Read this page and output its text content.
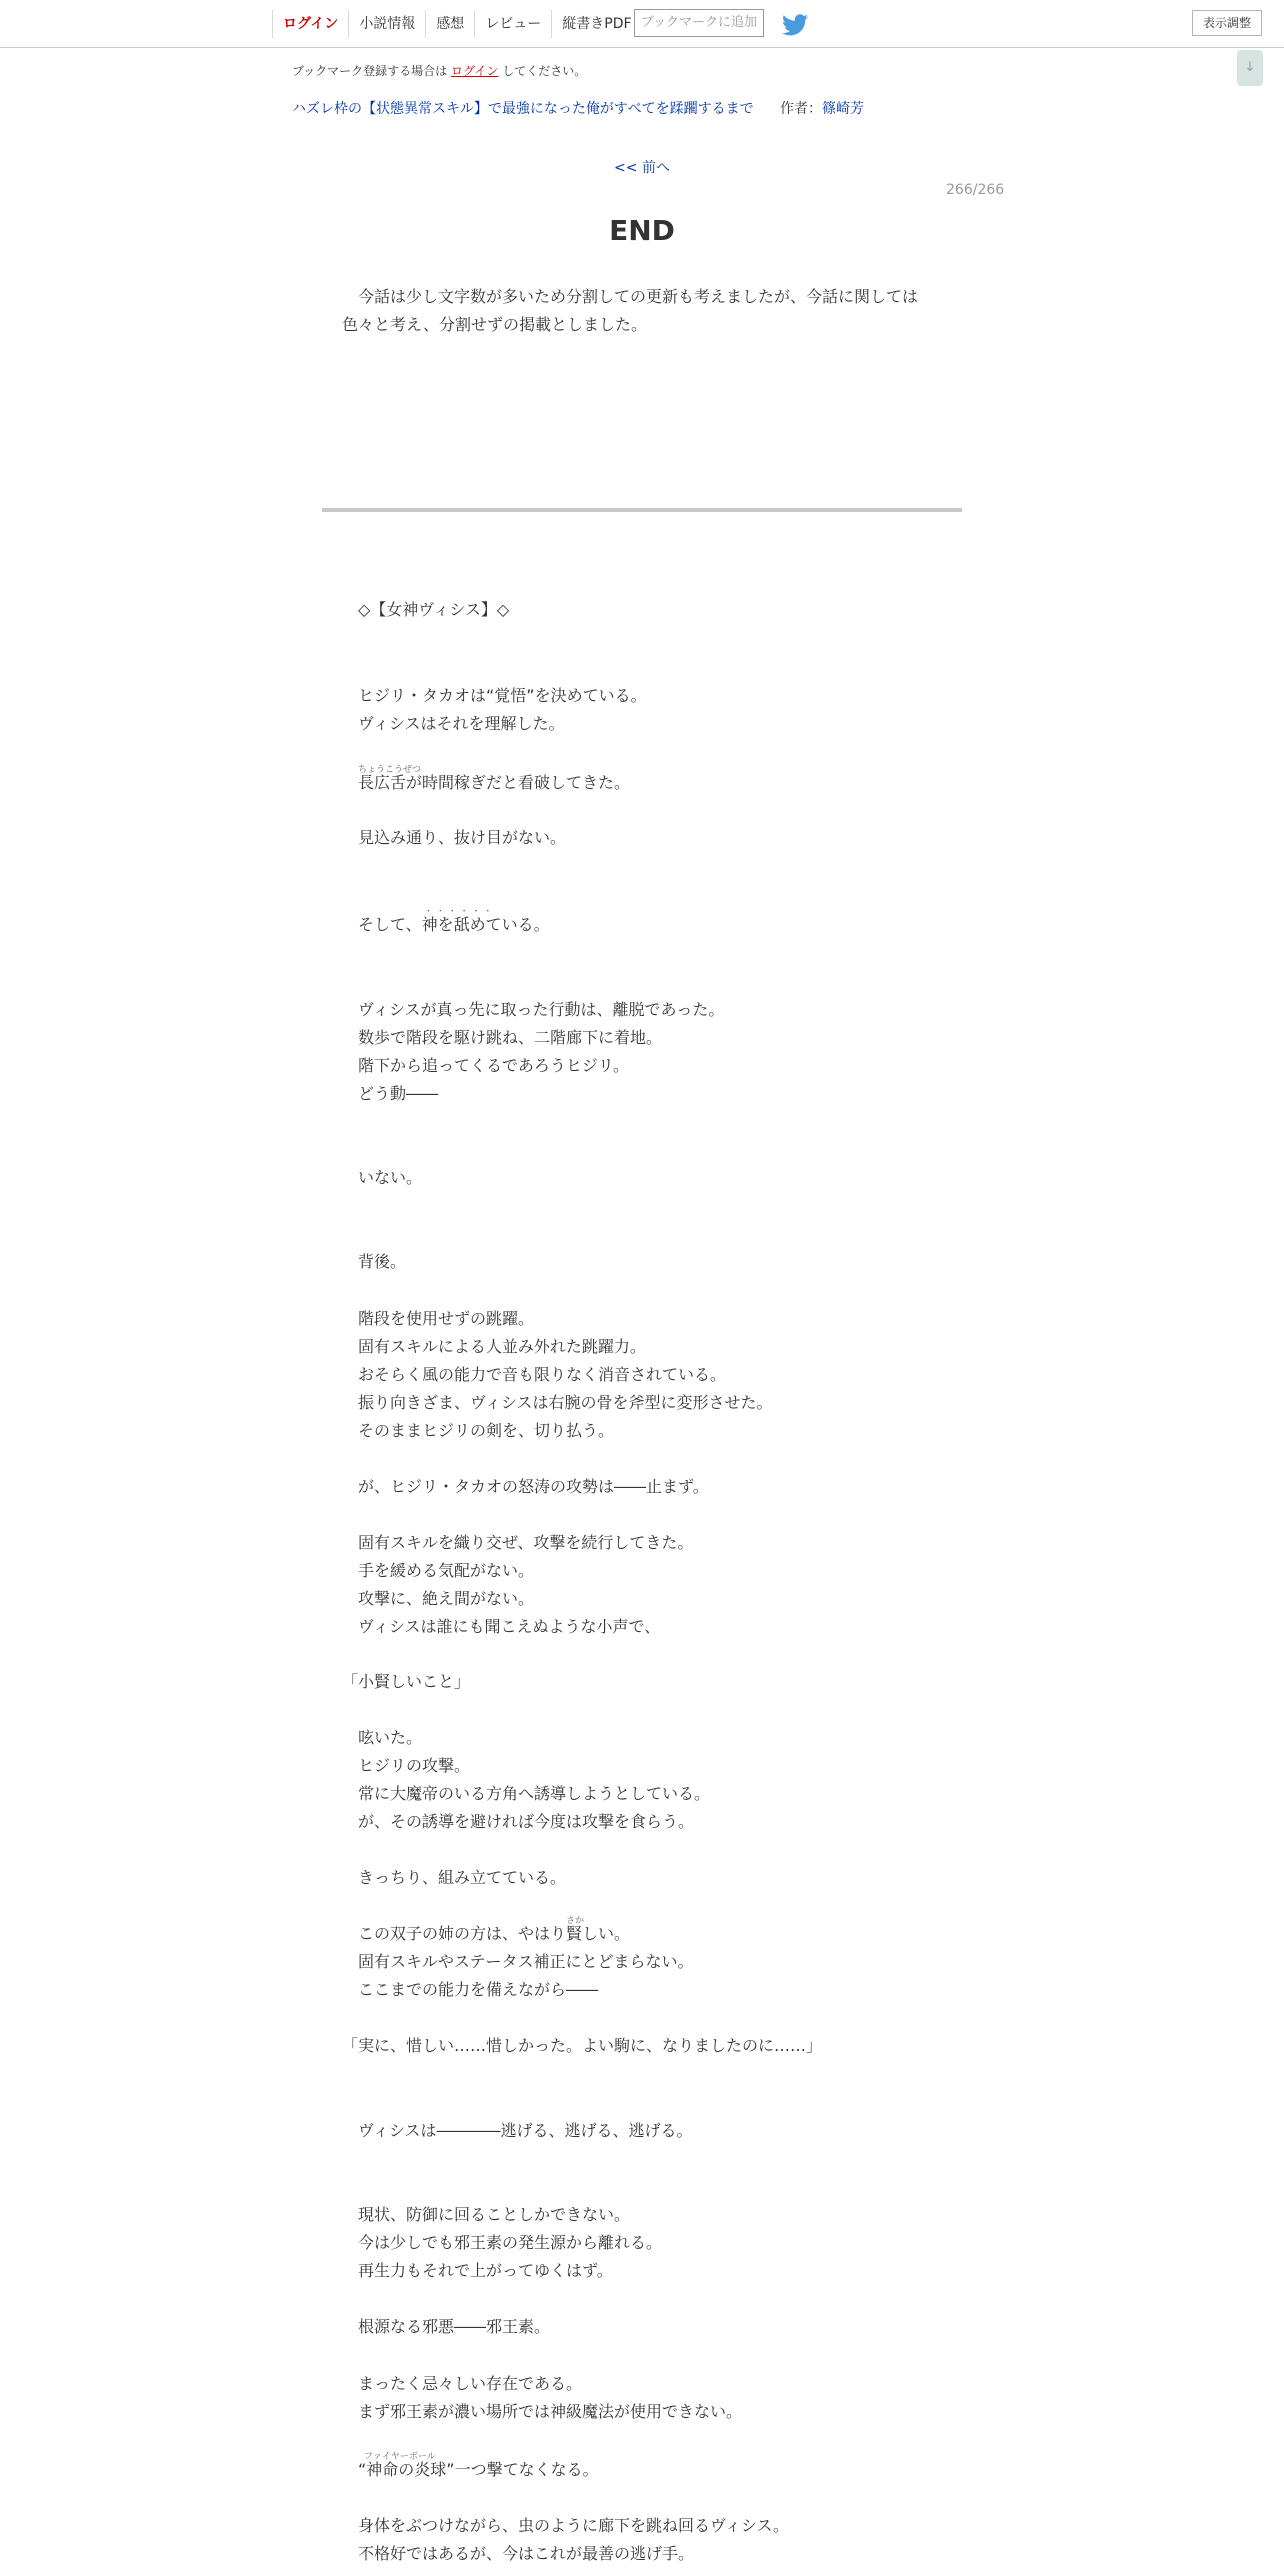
ログイン	小説情報	感想	レビュー	縦書きPDF ブックマークに追加	表示調整
↓
ブックマーク登録する場合は ログイン してください。
ハズレ枠の【状態異常スキル】で最強になった俺がすべてを蹂躙するまで 作者：篠崎芳
<< 前へ
266/266
END

今話は少し文字数が多いため分割しての更新も考えましたが、今話に関しては

色々と考え、分割せずの掲載としました。

◇【女神ヴィシス】◇
ヒジリ・タカオは“覚悟”を決めている。
ヴィシスはそれを理解した。
ちょうこうぜつ
長広舌が時間稼ぎだと看破してきた。
見込み通り、抜け目がない。
・ ・ ・ ・ ・ ・
そして、神を舐めている。
ヴィシスが真っ先に取った行動は、離脱であった。
数歩で階段を駆け跳ね、二階廊下に着地。
階下から追ってくるであろうヒジリ。
どう動――
いない。
背後。
階段を使用せずの跳躍。
固有スキルによる人並み外れた跳躍力。
おそらく風の能力で音も限りなく消音されている。
振り向きざま、ヴィシスは右腕の骨を斧型に変形させた。
そのままヒジリの剣を、切り払う。
が、ヒジリ・タカオの怒涛の攻勢は――止まず。
固有スキルを織り交ぜ、攻撃を続行してきた。
手を緩める気配がない。
攻撃に、絶え間がない。
ヴィシスは誰にも聞こえぬような小声で、
「小賢しいこと」
呟いた。
ヒジリの攻撃。
常に大魔帝のいる方角へ誘導しようとしている。
が、その誘導を避ければ今度は攻撃を食らう。
きっちり、組み立てている。
さか
この双子の姉の方は、やはり賢しい。
固有スキルやステータス補正にとどまらない。
ここまでの能力を備えながら――
「実に、惜しい……惜しかった。よい駒に、なりましたのに……」
ヴィシスは――――逃げる、逃げる、逃げる。
現状、防御に回ることしかできない。
今は少しでも邪王素の発生源から離れる。
再生力もそれで上がってゆくはず。
根源なる邪悪――邪王素。
まったく忌々しい存在である。
まず邪王素が濃い場所では神級魔法が使用できない。
ファイヤーボール
“神命の炎球”一つ撃てなくなる。
身体をぶつけながら、虫のように廊下を跳ね回るヴィシス。
不格好ではあるが、今はこれが最善の逃げ手。
